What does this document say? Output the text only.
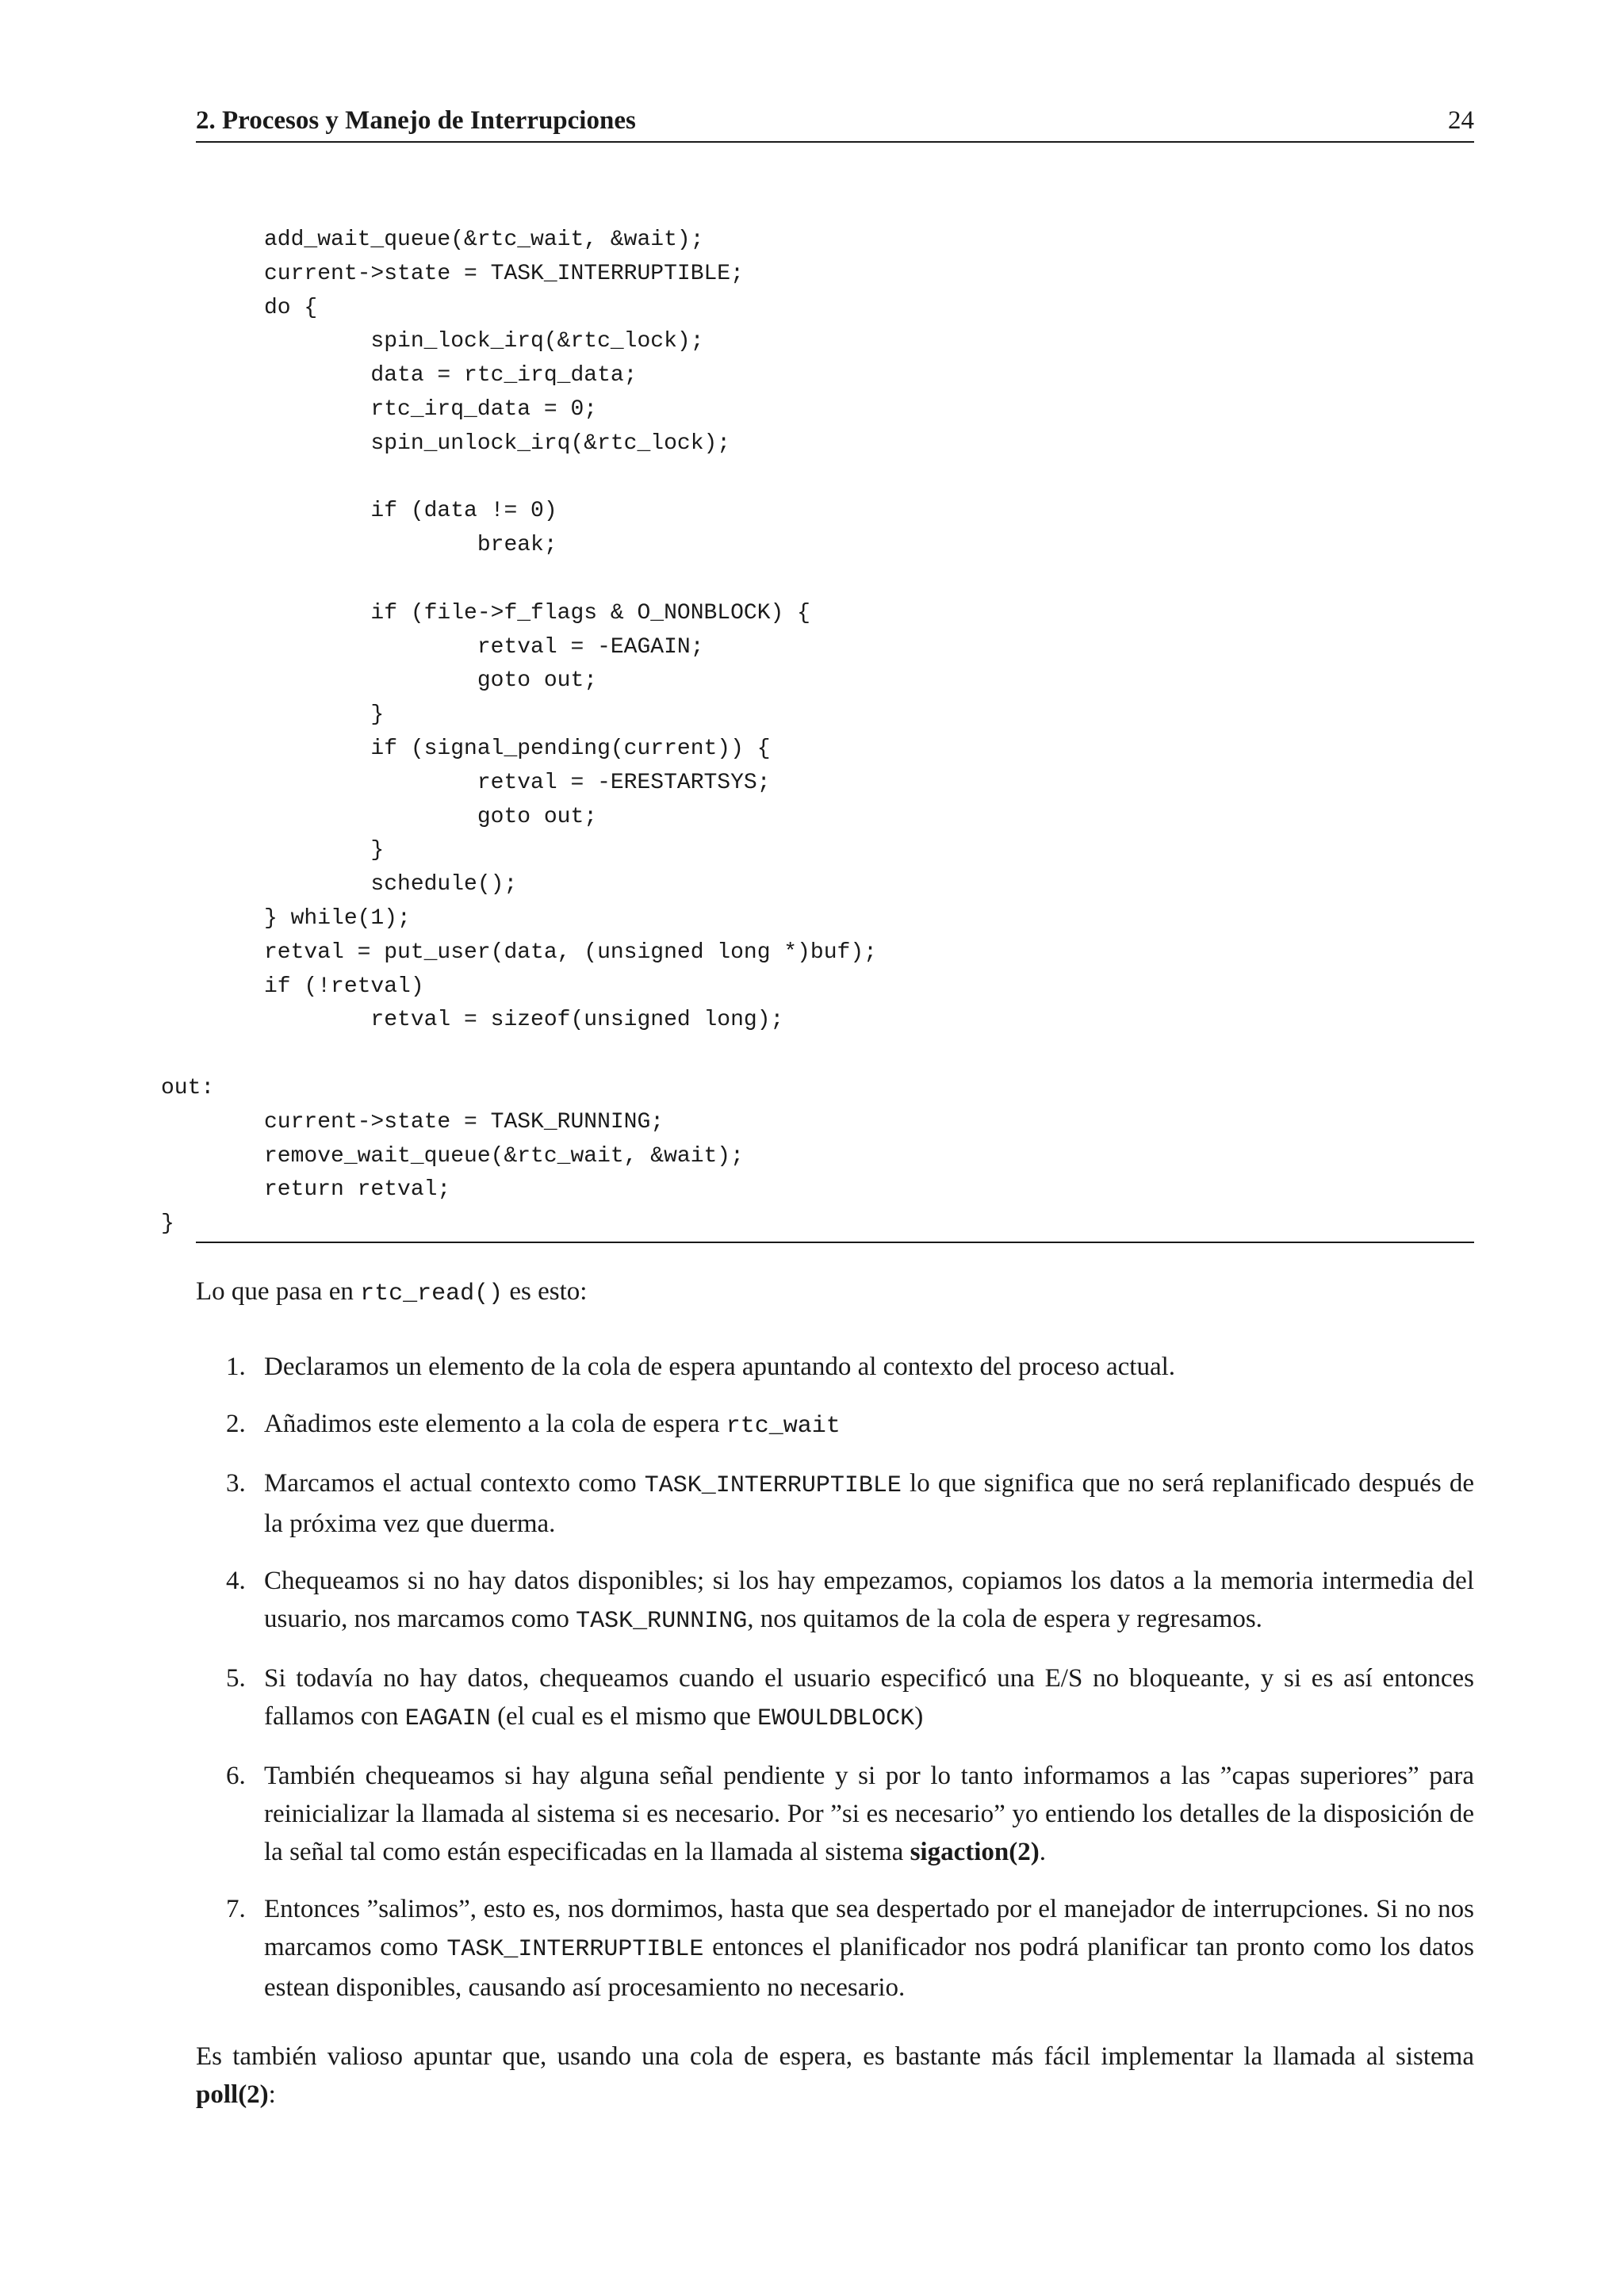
2. Procesos y Manejo de Interrupciones	24
add_wait_queue(&rtc_wait, &wait);
current->state = TASK_INTERRUPTIBLE;
do {
spin_lock_irq(&rtc_lock);
data = rtc_irq_data;
rtc_irq_data = 0;
spin_unlock_irq(&rtc_lock);
if (data != 0)
break;
if (file->f_flags & O_NONBLOCK) {
retval = -EAGAIN;
goto out;
}
if (signal_pending(current)) {
retval = -ERESTARTSYS;
goto out;
}
schedule();
} while(1);
retval = put_user(data, (unsigned long *)buf);
if (!retval)
retval = sizeof(unsigned long);
out:
current->state = TASK_RUNNING;
remove_wait_queue(&rtc_wait, &wait);
return retval;
}

Lo que pasa en rtc_read() es esto:

1. Declaramos un elemento de la cola de espera apuntando al contexto del proceso actual.
2. Añadimos este elemento a la cola de espera rtc_wait
3. Marcamos el actual contexto como TASK_INTERRUPTIBLE lo que significa que no será replanificado después de la próxima vez que duerma.
4. Chequeamos si no hay datos disponibles; si los hay empezamos, copiamos los datos a la memoria intermedia del usuario, nos marcamos como TASK_RUNNING, nos quitamos de la cola de espera y regresamos.
5. Si todavía no hay datos, chequeamos cuando el usuario especificó una E/S no bloqueante, y si es así entonces fallamos con EAGAIN (el cual es el mismo que EWOULDBLOCK)
6. También chequeamos si hay alguna señal pendiente y si por lo tanto informamos a las ”capas superiores” para reinicializar la llamada al sistema si es necesario. Por ”si es necesario” yo entiendo los detalles de la disposición de la señal tal como están especificadas en la llamada al sistema sigaction(2).
7. Entonces ”salimos”, esto es, nos dormimos, hasta que sea despertado por el manejador de interrupciones. Si no nos marcamos como TASK_INTERRUPTIBLE entonces el planificador nos podrá planificar tan pronto como los datos estean disponibles, causando así procesamiento no necesario.

Es también valioso apuntar que, usando una cola de espera, es bastante más fácil implementar la llamada al sistema poll(2):
